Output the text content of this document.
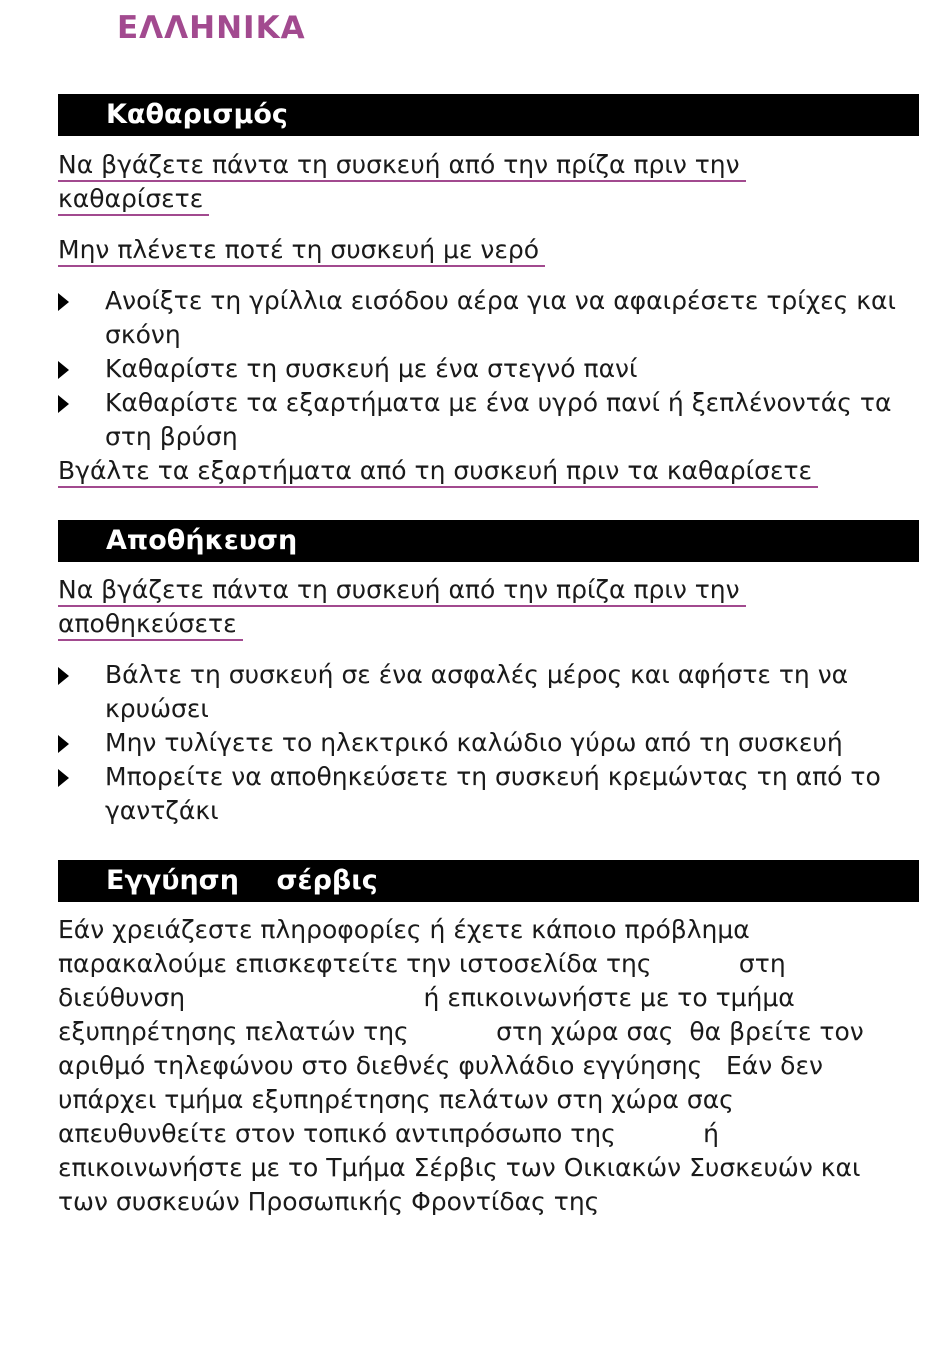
ΕΛΛΗΝΙΚΑ
Καθαρισμός
Να βγάζετε πάντα τη συσκευή από την πρίζα πριν την
καθαρίσετε
Μην πλένετε ποτέ τη συσκευή με νερό
Ανοίξτε τη γρίλλια εισόδου αέρα για να αφαιρέσετε τρίχες και
σκόνη
Καθαρίστε τη συσκευή με ένα στεγνό πανί
Καθαρίστε τα εξαρτήματα με ένα υγρό πανί ή ξεπλένοντάς τα
στη βρύση
Βγάλτε τα εξαρτήματα από τη συσκευή πριν τα καθαρίσετε
Αποθήκευση
Να βγάζετε πάντα τη συσκευή από την πρίζα πριν την
αποθηκεύσετε
Βάλτε τη συσκευή σε ένα ασφαλές μέρος και αφήστε τη να
κρυώσει
Μην τυλίγετε το ηλεκτρικό καλώδιο γύρω από τη συσκευή
Μπορείτε να αποθηκεύσετε τη συσκευή κρεμώντας τη από το
γαντζάκι
Εγγύηση    σέρβις
Εάν χρειάζεστε πληροφορίες ή έχετε κάποιο πρόβλημα
παρακαλούμε επισκεφτείτε την ιστοσελίδα της           στη
διεύθυνση                              ή επικοινωνήστε με το τμήμα
εξυπηρέτησης πελατών της           στη χώρα σας  θα βρείτε τον
αριθμό τηλεφώνου στο διεθνές φυλλάδιο εγγύησης   Εάν δεν
υπάρχει τμήμα εξυπηρέτησης πελάτων στη χώρα σας
απευθυνθείτε στον τοπικό αντιπρόσωπο της           ή
επικοινωνήστε με το Τμήμα Σέρβις των Οικιακών Συσκευών και
των συσκευών Προσωπικής Φροντίδας της
